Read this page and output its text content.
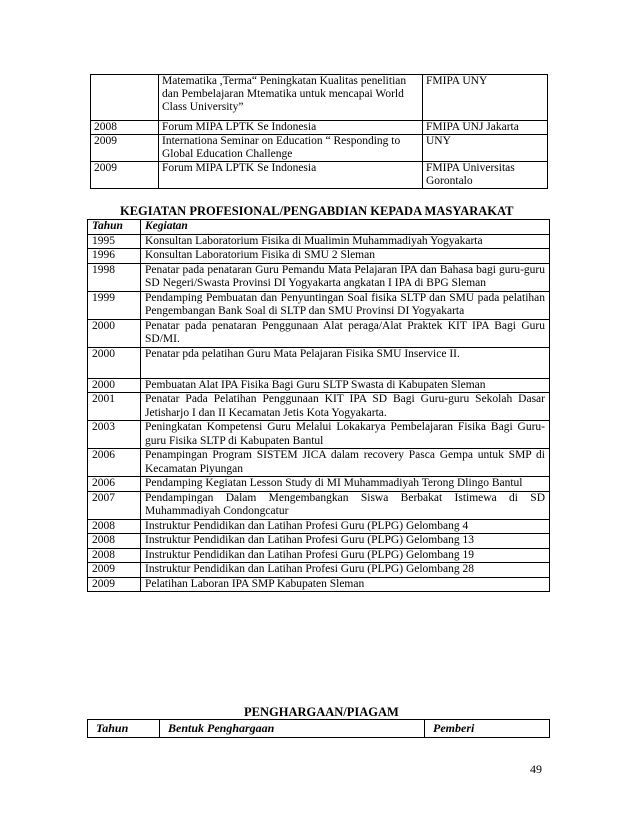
	Matematika ,Terma“ Peningkatan Kualitas penelitian dan Pembelajaran Mtematika untuk mencapai World Class University”	FMIPA UNY
2008	Forum MIPA LPTK Se Indonesia	FMIPA UNJ Jakarta
2009	Internationa Seminar on Education “ Responding to Global Education Challenge	UNY
2009	Forum MIPA LPTK Se Indonesia	FMIPA Universitas Gorontalo
KEGIATAN PROFESIONAL/PENGABDIAN KEPADA MASYARAKAT
Tahun	Kegiatan
1995	Konsultan Laboratorium Fisika di Mualimin Muhammadiyah Yogyakarta
1996	Konsultan Laboratorium Fisika di SMU 2 Sleman
1998	Penatar pada penataran Guru Pemandu Mata Pelajaran IPA dan Bahasa bagi guru-guru SD Negeri/Swasta Provinsi DI Yogyakarta angkatan I IPA di BPG Sleman
1999	Pendamping Pembuatan dan Penyuntingan Soal fisika SLTP dan SMU pada pelatihan Pengembangan Bank Soal di SLTP dan SMU Provinsi DI Yogyakarta
2000	Penatar pada penataran Penggunaan Alat peraga/Alat Praktek KIT IPA Bagi Guru SD/MI.
2000	Penatar pda pelatihan Guru Mata Pelajaran Fisika SMU Inservice II.
2000	Pembuatan Alat IPA Fisika Bagi Guru SLTP Swasta di Kabupaten Sleman
2001	Penatar Pada Pelatihan Penggunaan KIT IPA SD Bagi Guru-guru Sekolah Dasar Jetisharjo I dan II Kecamatan Jetis Kota Yogyakarta.
2003	Peningkatan Kompetensi Guru Melalui Lokakarya Pembelajaran Fisika Bagi Guru-guru Fisika SLTP di Kabupaten Bantul
2006	Penampingan Program SISTEM JICA dalam recovery Pasca Gempa untuk SMP di Kecamatan Piyungan
2006	Pendamping Kegiatan Lesson Study di MI Muhammadiyah Terong Dlingo Bantul
2007	Pendampingan Dalam Mengembangkan Siswa Berbakat Istimewa di SD Muhammadiyah Condongcatur
2008	Instruktur Pendidikan dan Latihan Profesi Guru (PLPG) Gelombang 4
2008	Instruktur Pendidikan dan Latihan Profesi Guru (PLPG) Gelombang 13
2008	Instruktur Pendidikan dan Latihan Profesi Guru (PLPG) Gelombang 19
2009	Instruktur Pendidikan dan Latihan Profesi Guru (PLPG) Gelombang 28
2009	Pelatihan Laboran IPA SMP Kabupaten Sleman
PENGHARGAAN/PIAGAM
Tahun	Bentuk Penghargaan	Pemberi
49
